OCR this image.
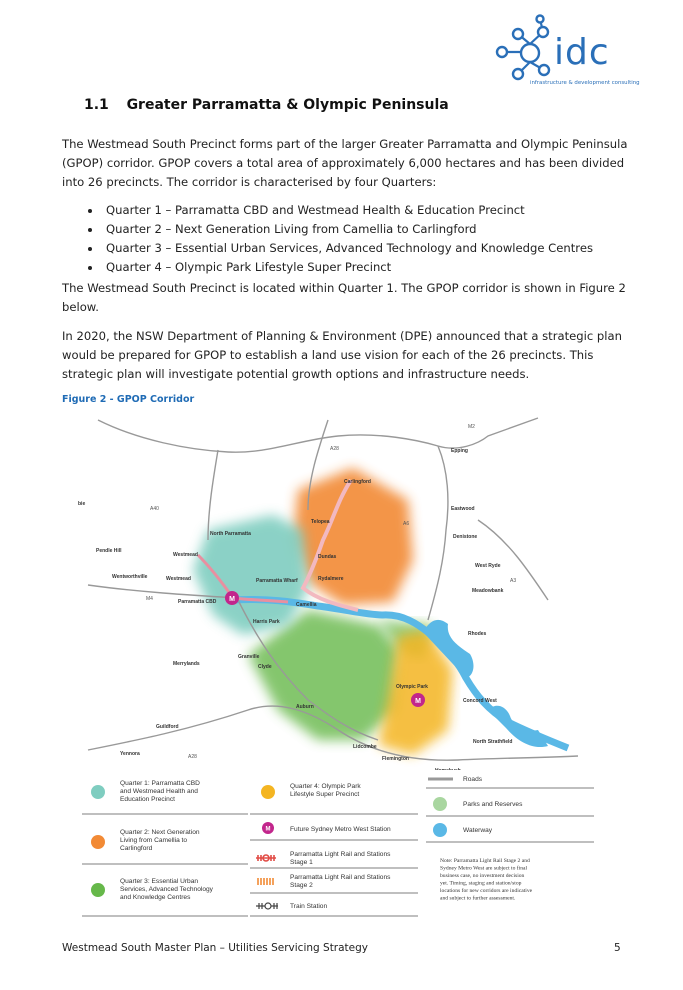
idc
infrastructure & development consulting
1.1 Greater Parramatta & Olympic Peninsula

The Westmead South Precinct forms part of the larger Greater Parramatta and Olympic Peninsula (GPOP) corridor. GPOP covers a total area of approximately 6,000 hectares and has been divided into 26 precincts. The corridor is characterised by four Quarters:

Quarter 1 – Parramatta CBD and Westmead Health & Education Precinct
Quarter 2 – Next Generation Living from Camellia to Carlingford
Quarter 3 – Essential Urban Services, Advanced Technology and Knowledge Centres
Quarter 4 – Olympic Park Lifestyle Super Precinct

The Westmead South Precinct is located within Quarter 1. The GPOP corridor is shown in Figure 2 below.

In 2020, the NSW Department of Planning & Environment (DPE) announced that a strategic plan would be prepared for GPOP to establish a land use vision for each of the 26 precincts. This strategic plan will investigate potential growth options and infrastructure needs.

Figure 2 - GPOP Corridor
M
M
M2
A28
A40
A6
A3
M4
A28
Epping
Carlingford
Telopea
Eastwood
Denistone
West Ryde
Meadowbank
North Parramatta
Pendle Hill
Westmead
Wentworthville	Westmead	Parramatta Wharf
Dundas
Rydalmere
Camellia
Parramatta CBD
Harris Park
Merrylands
Granville
Clyde
Rhodes
Olympic Park
Concord West
Auburn
North Strathfield
Guildford
Yennora
Lidcombe
Flemington
bie
Quarter 1: Parramatta CBD and Westmead Health and Education Precinct
Quarter 2: Next Generation Living from Camellia to Carlingford
Quarter 3: Essential Urban Services, Advanced Technology and Knowledge Centres
Quarter 4: Olympic Park Lifestyle Super Precinct
M	Future Sydney Metro West Station
Parramatta Light Rail and Stations Stage 1
Parramatta Light Rail and Stations Stage 2
Train Station
Roads
Parks and Reserves
Waterway
Note: Parramatta Light Rail Stage 2 and Sydney Metro West are subject to final business case, no investment decision yet. Timing, staging and station/stop locations for new corridors are indicative and subject to further assessment.
Westmead South Master Plan – Utilities Servicing Strategy	5
